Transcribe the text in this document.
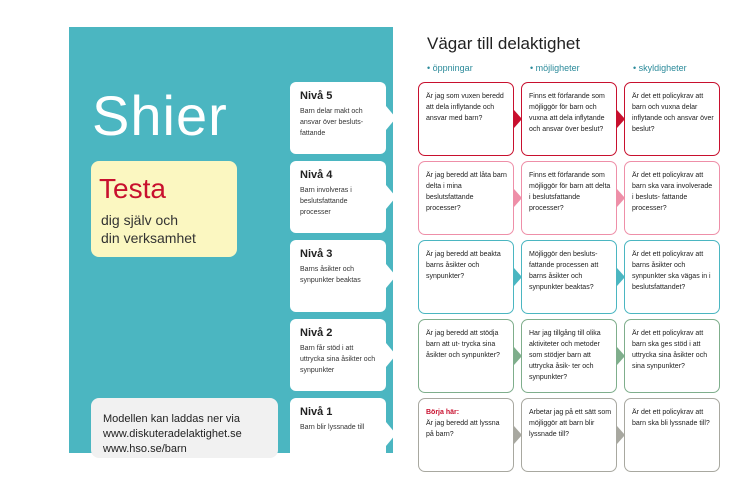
Shier
Testa
dig själv och
din verksamhet
Modellen kan laddas ner via
www.diskuteradelaktighet.se
www.hso.se/barn
Vägar till delaktighet
• öppningar	• möjligheter	• skyldigheter
Nivå 5
Barn delar makt och ansvar över besluts- fattande
Är jag som vuxen beredd att dela inflytande och ansvar med barn?
Finns ett förfarande som möjliggör för barn och vuxna att dela inflytande och ansvar över beslut?
Är det ett policykrav att barn och vuxna delar inflytande och ansvar över beslut?
Nivå 4
Barn involveras i beslutsfattande processer
Är jag beredd att låta barn delta i mina beslutsfattande processer?
Finns ett förfarande som möjliggör för barn att delta i beslutsfattande processer?
Är det ett policykrav att barn ska vara involverade i besluts- fattande processer?
Nivå 3
Barns åsikter och synpunkter beaktas
Är jag beredd att beakta barns åsikter och synpunkter?
Möjliggör den besluts- fattande processen att barns åsikter och synpunkter beaktas?
Är det ett policykrav att barns åsikter och synpunkter ska vägas in i beslutsfattandet?
Nivå 2
Barn får stöd i att uttrycka sina åsikter och synpunkter
Är jag beredd att stödja barn att ut- trycka sina åsikter och synpunkter?
Har jag tillgång till olika aktiviteter och metoder som stödjer barn att uttrycka åsik- ter och synpunkter?
Är det ett policykrav att barn ska ges stöd i att uttrycka sina åsikter och sina synpunkter?
Nivå 1
Barn blir lyssnade till
Börja här:
Är jag beredd att lyssna på barn?
Arbetar jag på ett sätt som möjliggör att barn blir lyssnade till?
Är det ett policykrav att barn ska bli lyssnade till?
